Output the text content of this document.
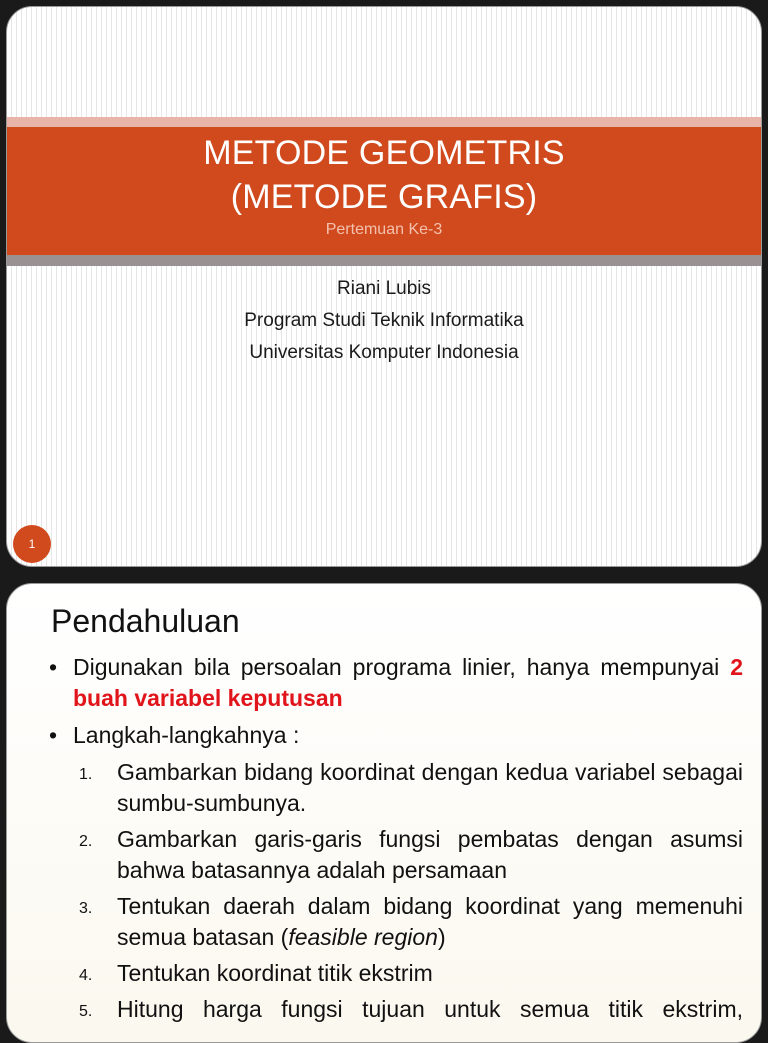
METODE GEOMETRIS
(METODE GRAFIS)
Pertemuan Ke-3
Riani Lubis
Program Studi Teknik Informatika
Universitas Komputer Indonesia
1
Pendahuluan
• Digunakan bila persoalan programa linier, hanya mempunyai 2 buah variabel keputusan
• Langkah-langkahnya :
1. Gambarkan bidang koordinat dengan kedua variabel sebagai sumbu-sumbunya.
2. Gambarkan garis-garis fungsi pembatas dengan asumsi bahwa batasannya adalah persamaan
3. Tentukan daerah dalam bidang koordinat yang memenuhi semua batasan (feasible region)
4. Tentukan koordinat titik ekstrim
5. Hitung harga fungsi tujuan untuk semua titik ekstrim,
